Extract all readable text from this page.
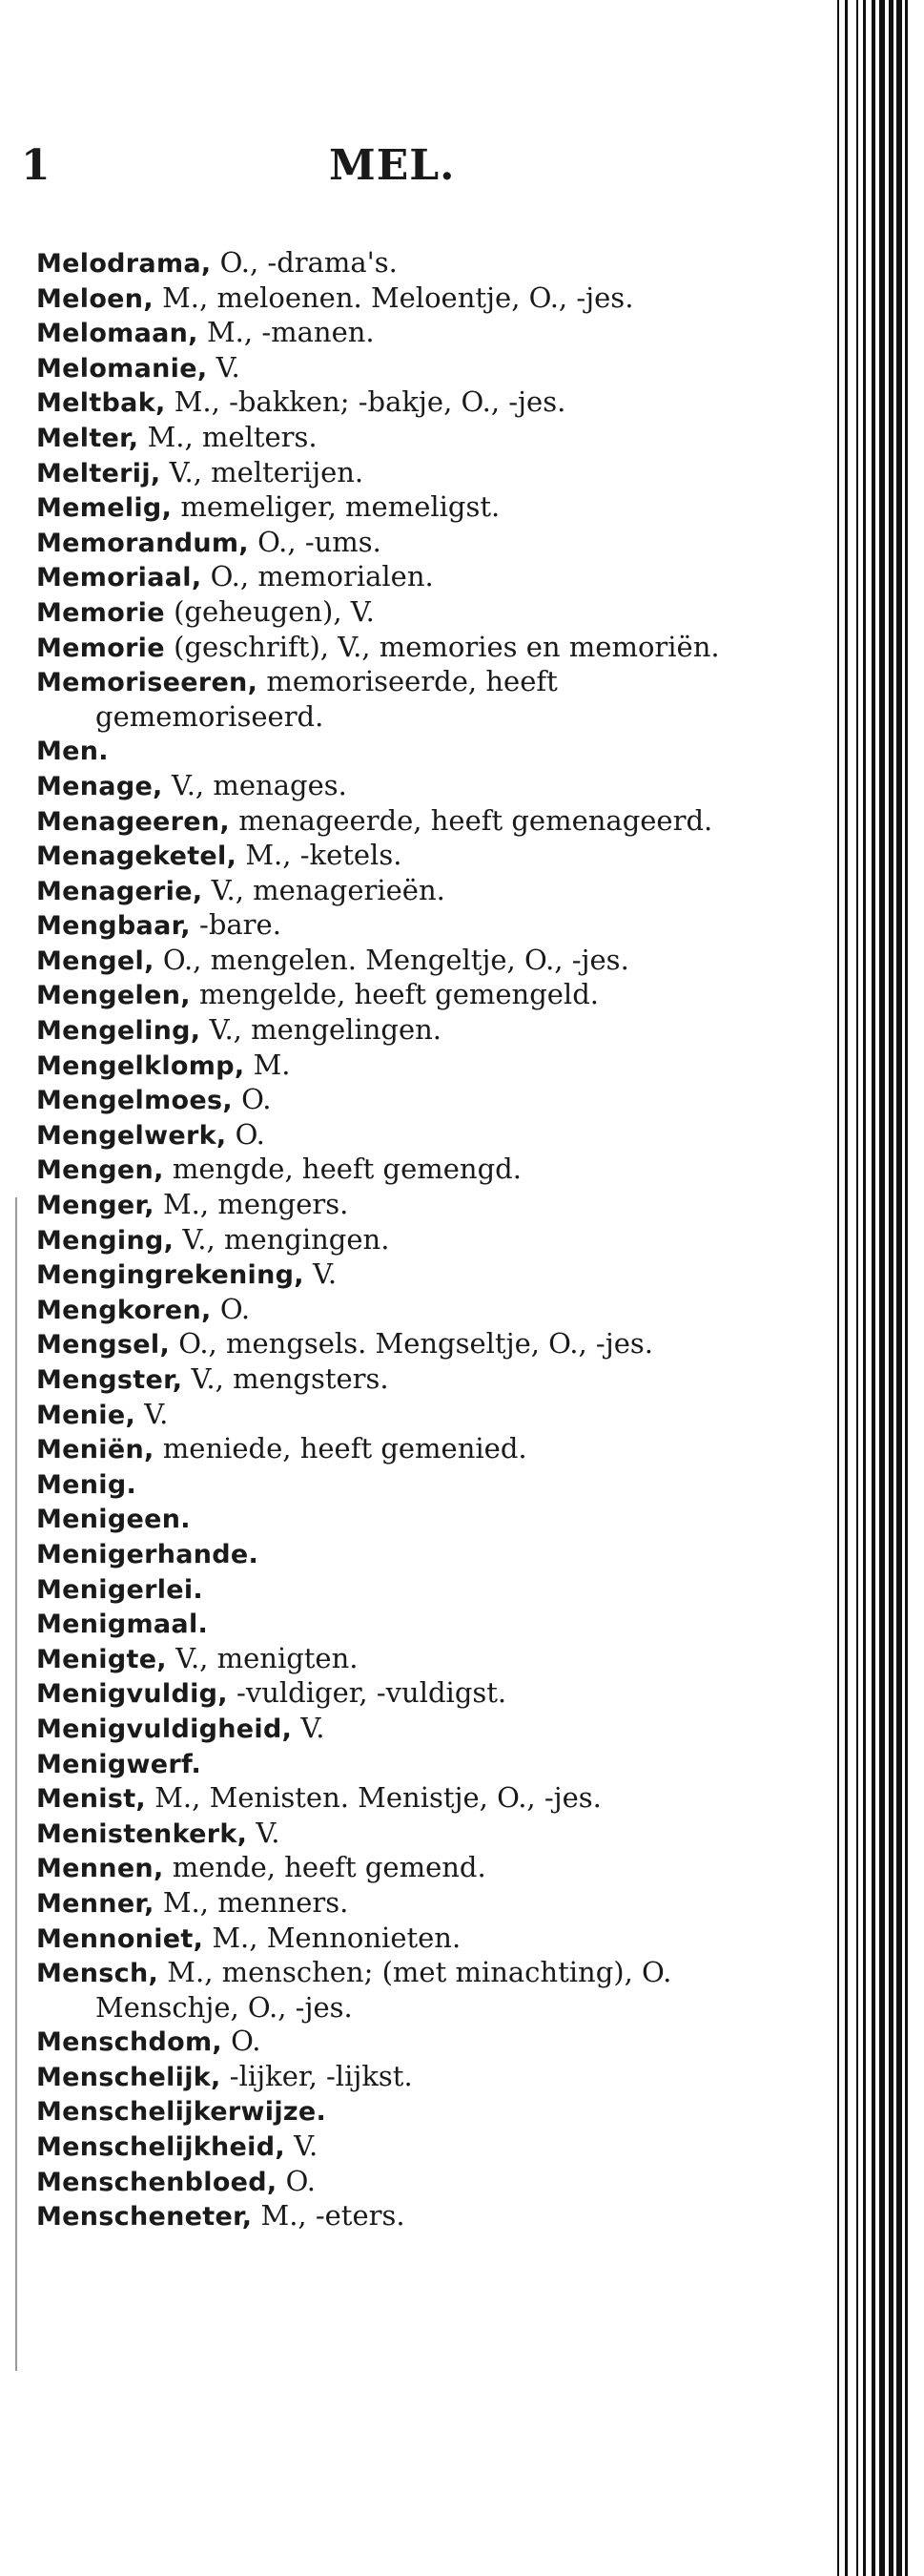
1	MEL.
Melodrama, O., -drama's.
Meloen, M., meloenen. Meloentje, O., -jes.
Melomaan, M., -manen.
Melomanie, V.
Meltbak, M., -bakken; -bakje, O., -jes.
Melter, M., melters.
Melterij, V., melterijen.
Memelig, memeliger, memeligst.
Memorandum, O., -ums.
Memoriaal, O., memorialen.
Memorie (geheugen), V.
Memorie (geschrift), V., memories en memoriën.
Memoriseeren, memoriseerde, heeft gememoriseerd.
Men.
Menage, V., menages.
Menageeren, menageerde, heeft gemenageerd.
Menageketel, M., -ketels.
Menagerie, V., menagerieën.
Mengbaar, -bare.
Mengel, O., mengelen. Mengeltje, O., -jes.
Mengelen, mengelde, heeft gemengeld.
Mengeling, V., mengelingen.
Mengelklomp, M.
Mengelmoes, O.
Mengelwerk, O.
Mengen, mengde, heeft gemengd.
Menger, M., mengers.
Menging, V., mengingen.
Mengingrekening, V.
Mengkoren, O.
Mengsel, O., mengsels. Mengseltje, O., -jes.
Mengster, V., mengsters.
Menie, V.
Meniën, meniede, heeft gemenied.
Menig.
Menigeen.
Menigerhande.
Menigerlei.
Menigmaal.
Menigte, V., menigten.
Menigvuldig, -vuldiger, -vuldigst.
Menigvuldigheid, V.
Menigwerf.
Menist, M., Menisten. Menistje, O., -jes.
Menistenkerk, V.
Mennen, mende, heeft gemend.
Menner, M., menners.
Mennoniet, M., Mennonieten.
Mensch, M., menschen; (met minachting), O. Menschje, O., -jes.
Menschdom, O.
Menschelijk, -lijker, -lijkst.
Menschelijkerwijze.
Menschelijkheid, V.
Menschenbloed, O.
Menscheneter, M., -eters.
